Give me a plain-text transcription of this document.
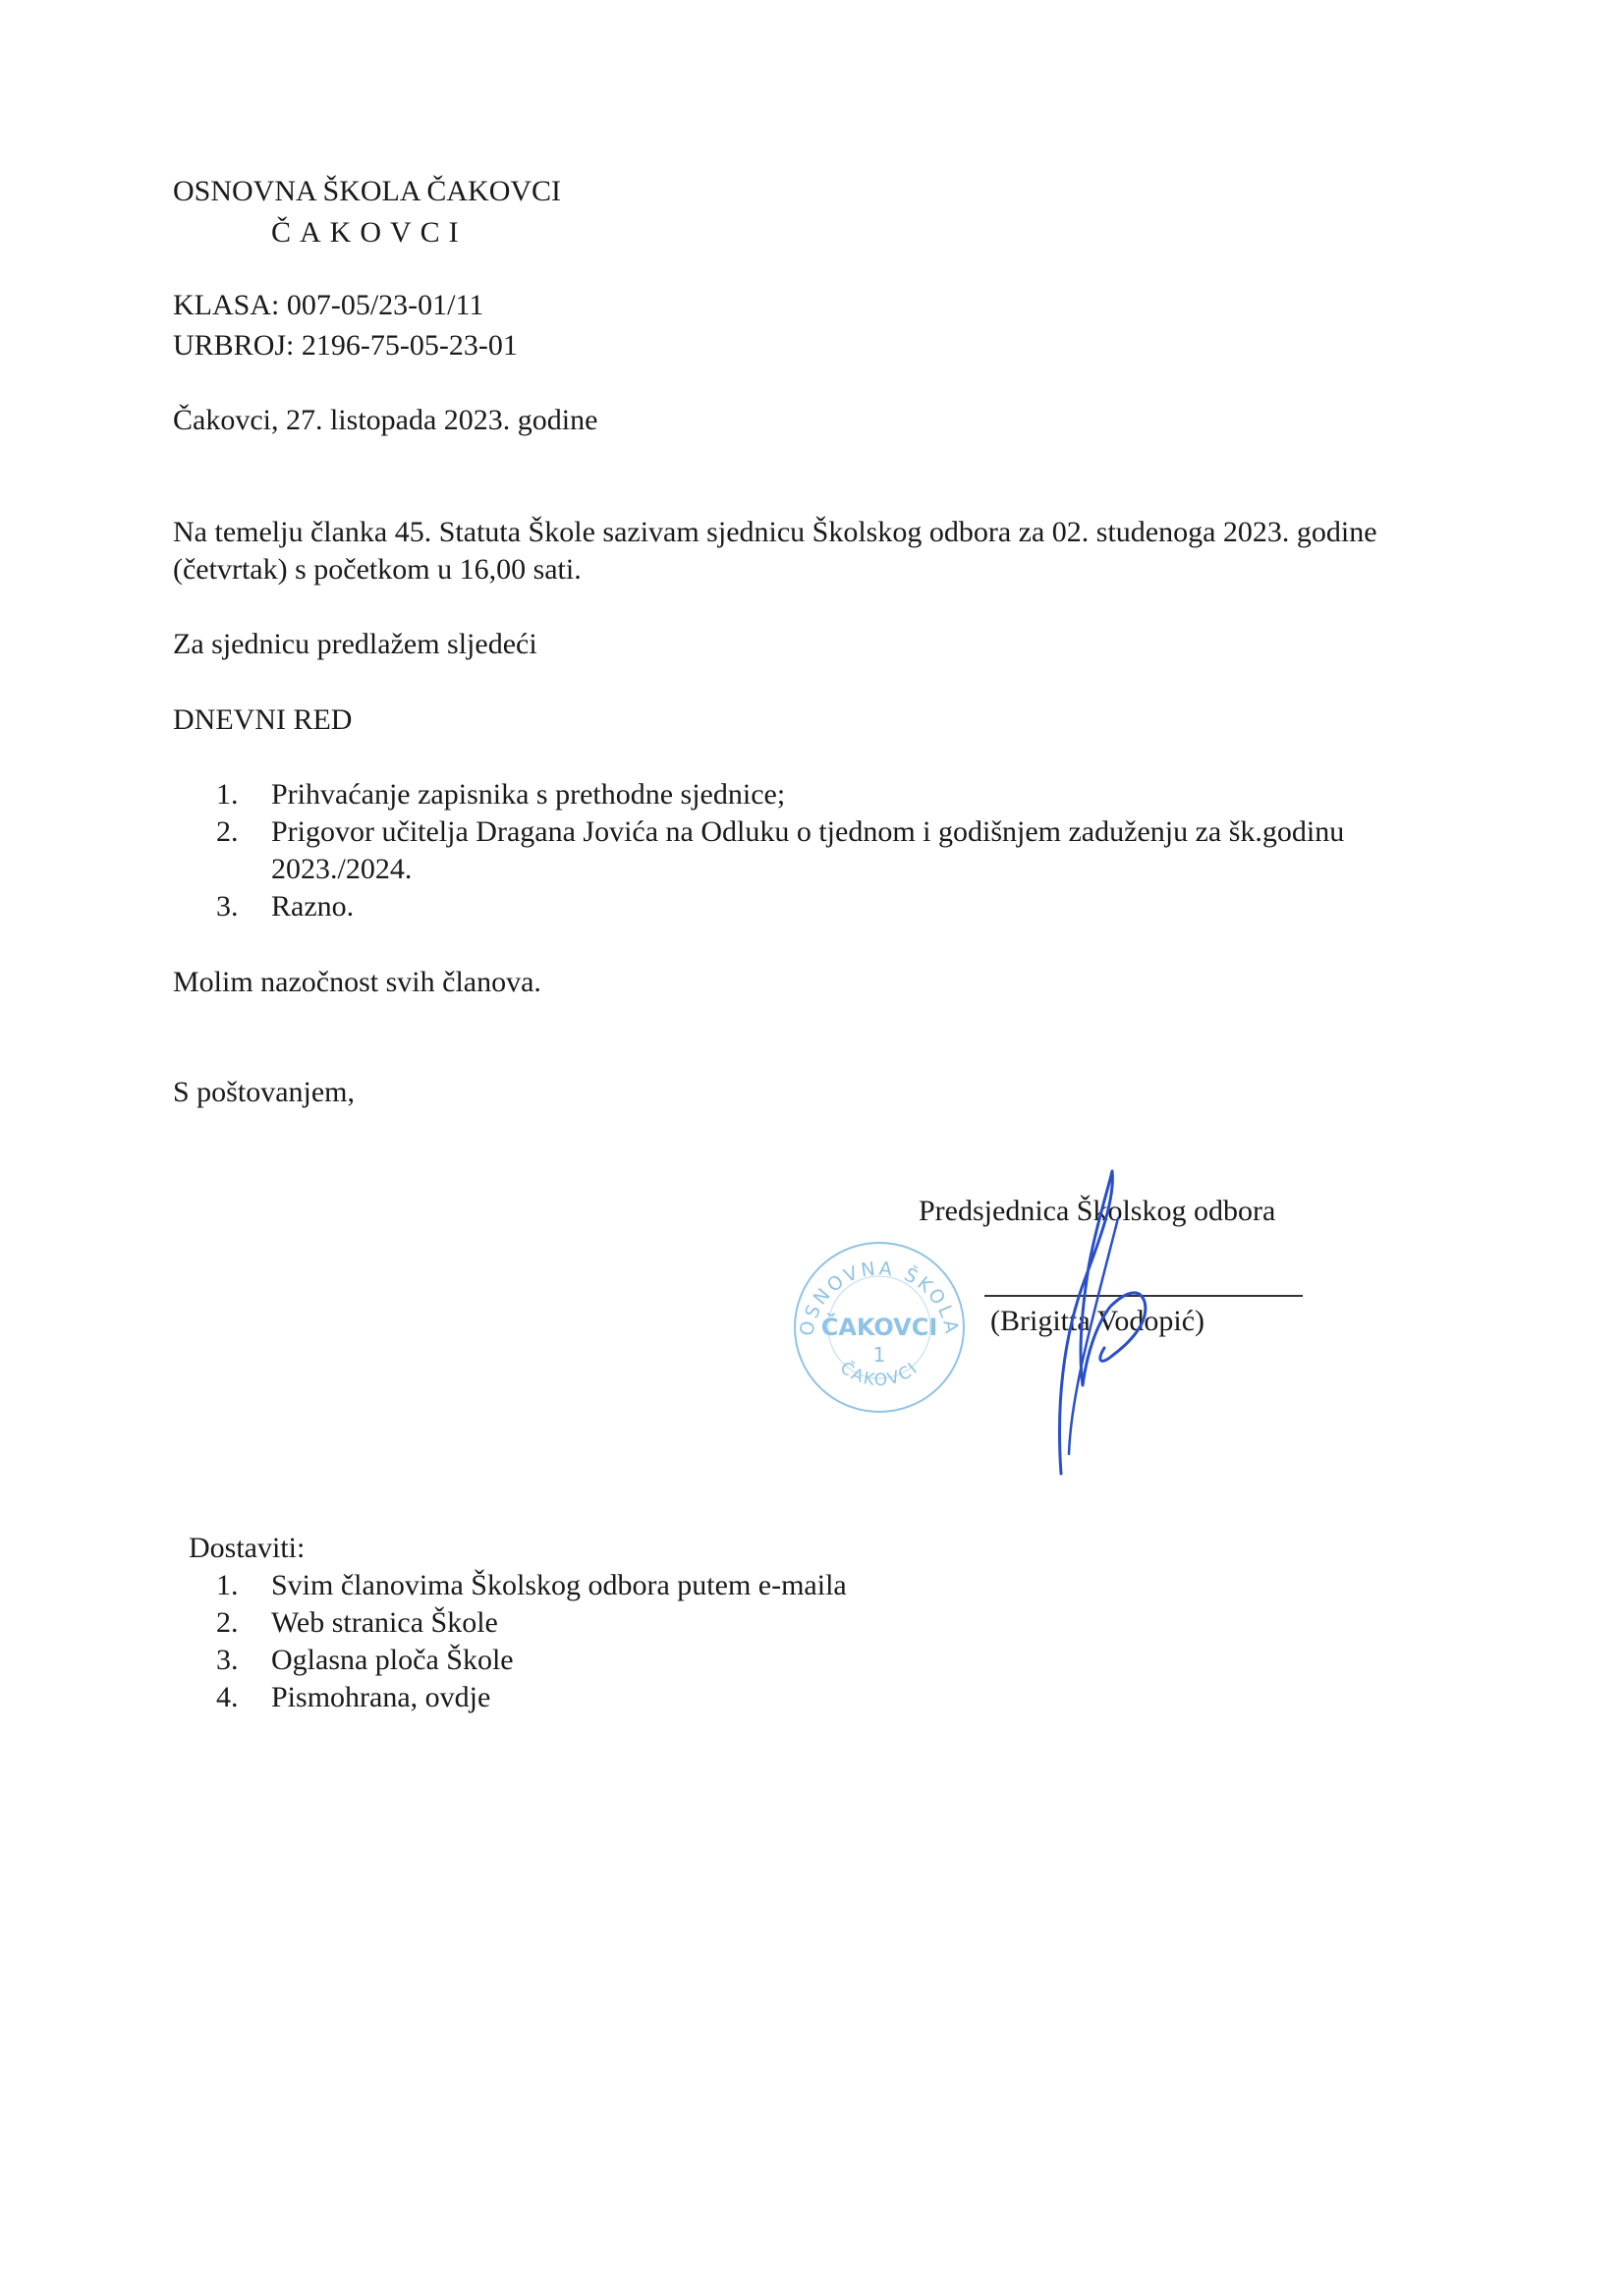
OSNOVNA ŠKOLA ČAKOVCI
ČAKOVCI
KLASA: 007-05/23-01/11
URBROJ: 2196-75-05-23-01
Čakovci, 27. listopada 2023. godine
Na temelju članka 45. Statuta Škole sazivam sjednicu Školskog odbora za 02. studenoga 2023. godine (četvrtak) s početkom u 16,00 sati.
Za sjednicu predlažem sljedeći
DNEVNI RED
1. Prihvaćanje zapisnika s prethodne sjednice;
2. Prigovor učitelja Dragana Jovića na Odluku o tjednom i godišnjem zaduženju za šk.godinu 2023./2024.
3. Razno.
Molim nazočnost svih članova.
S poštovanjem,
OSNOVNA ŠKOLA
ČAKOVCI
1
ČAKOVCI
Predsjednica Školskog odbora
(Brigitta Vodopić)
Dostaviti:
1. Svim članovima Školskog odbora putem e-maila
2. Web stranica Škole
3. Oglasna ploča Škole
4. Pismohrana, ovdje
